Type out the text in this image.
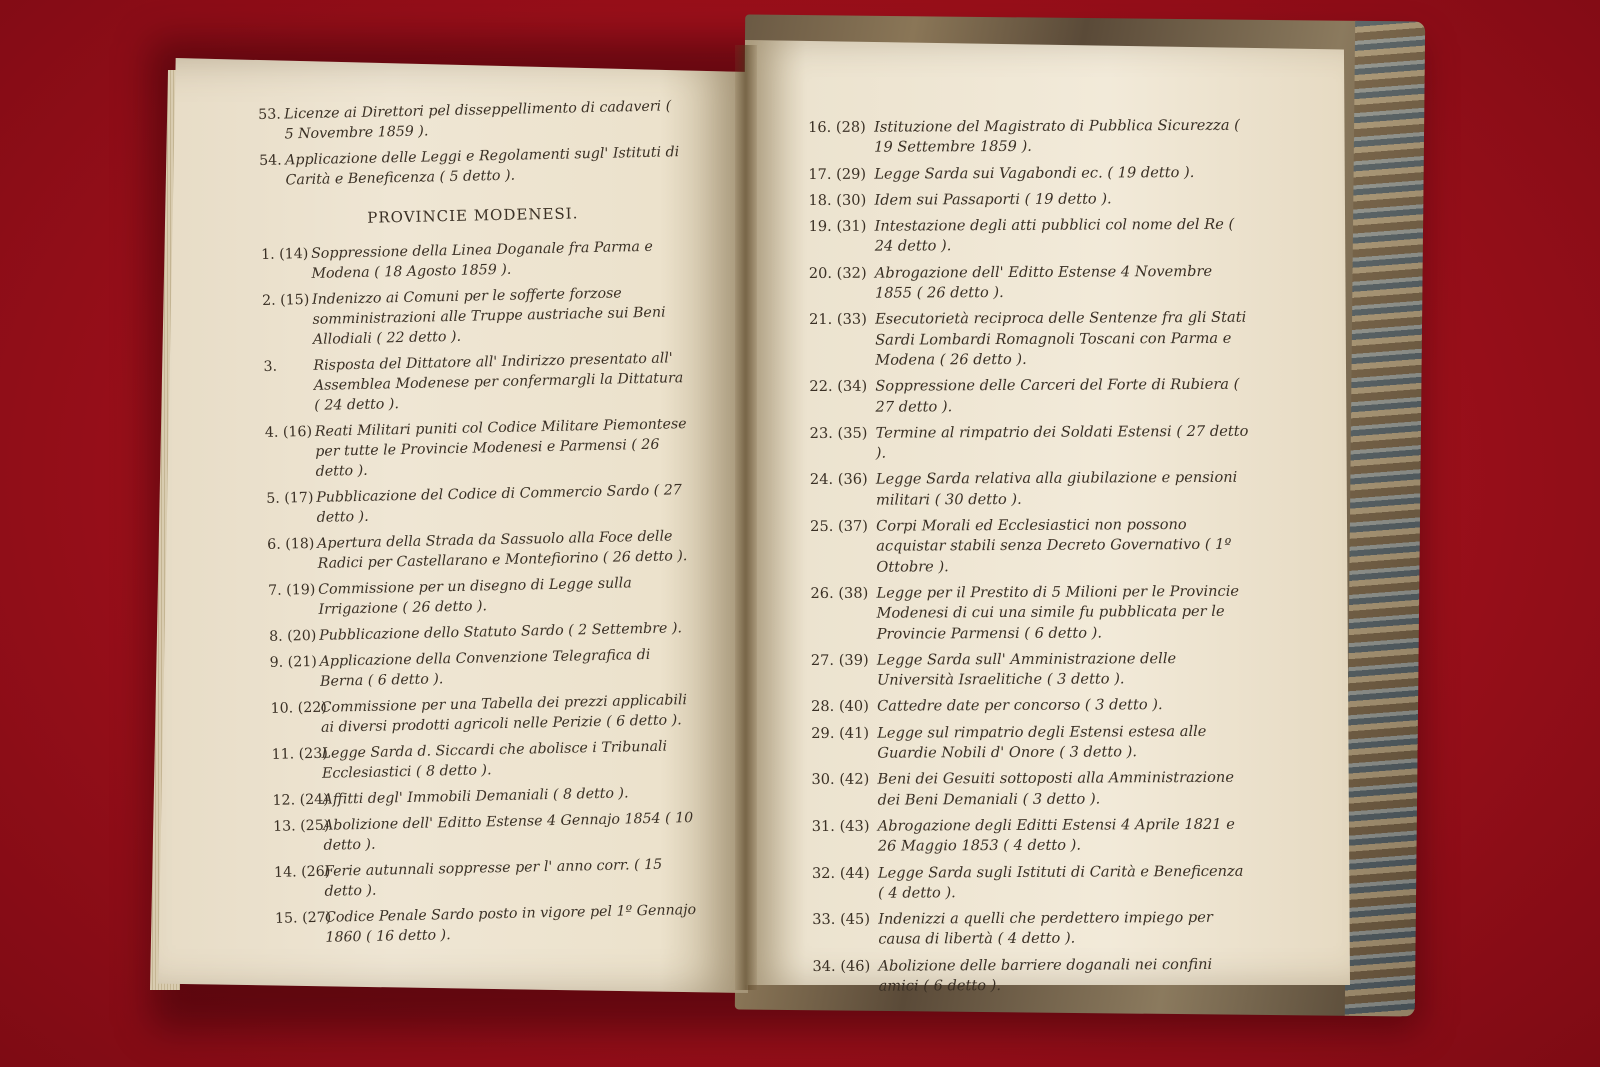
53. Licenze ai Direttori pel disseppellimento di cadaveri ( 5 Novembre 1859 ).
54. Applicazione delle Leggi e Regolamenti sugl' Istituti di Carità e Beneficenza ( 5 detto ).
PROVINCIE MODENESI.
1. (14) Soppressione della Linea Doganale fra Parma e Modena ( 18 Agosto 1859 ).
2. (15) Indenizzo ai Comuni per le sofferte forzose somministrazioni alle Truppe austriache sui Beni Allodiali ( 22 detto ).
3.	Risposta del Dittatore all' Indirizzo presentato all' Assemblea Modenese per confermargli la Dittatura ( 24 detto ).
4. (16) Reati Militari puniti col Codice Militare Piemontese per tutte le Provincie Modenesi e Parmensi ( 26 detto ).
5. (17) Pubblicazione del Codice di Commercio Sardo ( 27 detto ).
6. (18) Apertura della Strada da Sassuolo alla Foce delle Radici per Castellarano e Montefiorino ( 26 detto ).
7. (19) Commissione per un disegno di Legge sulla Irrigazione ( 26 detto ).
8. (20) Pubblicazione dello Statuto Sardo ( 2 Settembre ).
9. (21) Applicazione della Convenzione Telegrafica di Berna ( 6 detto ).
10. (22)
Commissione per una Tabella dei prezzi applicabili ai diversi prodotti agricoli nelle Perizie ( 6 detto ).
11. (23)
Legge Sarda d. Siccardi che abolisce i Tribunali Ecclesiastici ( 8 detto ).
12. (24)
Affitti degl' Immobili Demaniali ( 8 detto ).
13. (25)
Abolizione dell' Editto Estense 4 Gennajo 1854 ( 10 detto ).
14. (26)
Ferie autunnali soppresse per l' anno corr. ( 15 detto ).
15. (27)
Codice Penale Sardo posto in vigore pel 1º Gennajo 1860 ( 16 detto ).
16. (28) Istituzione del Magistrato di Pubblica Sicurezza ( 19 Settembre 1859 ).
17. (29) Legge Sarda sui Vagabondi ec. ( 19 detto ).
18. (30) Idem sui Passaporti ( 19 detto ).
19. (31) Intestazione degli atti pubblici col nome del Re ( 24 detto ).
20. (32) Abrogazione dell' Editto Estense 4 Novembre 1855 ( 26 detto ).
21. (33) Esecutorietà reciproca delle Sentenze fra gli Stati Sardi Lombardi Romagnoli Toscani con Parma e Modena ( 26 detto ).
22. (34) Soppressione delle Carceri del Forte di Rubiera ( 27 detto ).
23. (35) Termine al rimpatrio dei Soldati Estensi ( 27 detto ).
24. (36) Legge Sarda relativa alla giubilazione e pensioni militari ( 30 detto ).
25. (37) Corpi Morali ed Ecclesiastici non possono acquistar stabili senza Decreto Governativo ( 1º Ottobre ).
26. (38) Legge per il Prestito di 5 Milioni per le Provincie Modenesi di cui una simile fu pubblicata per le Provincie Parmensi ( 6 detto ).
27. (39) Legge Sarda sull' Amministrazione delle Università Israelitiche ( 3 detto ).
28. (40) Cattedre date per concorso ( 3 detto ).
29. (41) Legge sul rimpatrio degli Estensi estesa alle Guardie Nobili d' Onore ( 3 detto ).
30. (42) Beni dei Gesuiti sottoposti alla Amministrazione dei Beni Demaniali ( 3 detto ).
31. (43) Abrogazione degli Editti Estensi 4 Aprile 1821 e 26 Maggio 1853 ( 4 detto ).
32. (44) Legge Sarda sugli Istituti di Carità e Beneficenza ( 4 detto ).
33. (45) Indenizzi a quelli che perdettero impiego per causa di libertà ( 4 detto ).
34. (46) Abolizione delle barriere doganali nei confini amici ( 6 detto ).
